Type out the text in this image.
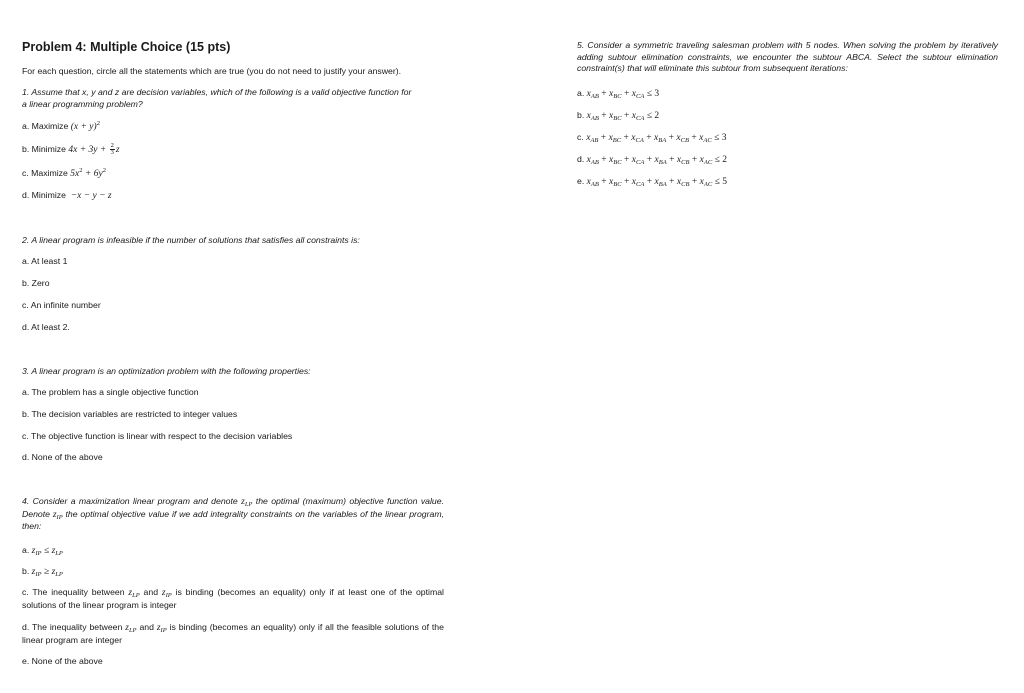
Problem 4: Multiple Choice (15 pts)

For each question, circle all the statements which are true (you do not need to justify your answer).

1. Assume that x, y and z are decision variables, which of the following is a valid objective function for

a linear programming problem?

a. Maximize $(x + y)^2$

b. Minimize $4x + 3y + \frac{2}{3}$ z

c. Maximize $5x^2 + 6y^2$

d. Minimize −x − y − z

2. A linear program is infeasible if the number of solutions that satisfies all constraints is:

a. At least 1

b. Zero

c. An infinite number

d. At least 2.

3. A linear program is an optimization problem with the following properties:

a. The problem has a single objective function

b. The decision variables are restricted to integer values

c. The objective function is linear with respect to the decision variables

d. None of the above

4. Consider a maximization linear program and denote $z_{LP}$ the optimal (maximum) objective function value. Denote $z_{IP}$ the optimal objective value if we add integrality constraints on the variables of the linear program, then:

a. $z_{IP} \le z_{LP}$

b. $z_{IP} \ge z_{LP}$

c. The inequality between $z_{LP}$ and $z_{IP}$ is binding (becomes an equality) only if at least one of the optimal solutions of the linear program is integer

d. The inequality between $z_{LP}$ and $z_{IP}$ is binding (becomes an equality) only if all the feasible solutions of the linear program are integer

e. None of the above

5. Consider a symmetric traveling salesman problem with 5 nodes. When solving the problem by iteratively adding subtour elimination constraints, we encounter the subtour ABCA. Select the subtour elimination constraint(s) that will eliminate this subtour from subsequent iterations:

a. $x_{AB} + x_{BC} + x_{CA} \le 3$

b. $x_{AB} + x_{BC} + x_{CA} \le 2$

c. $x_{AB} + x_{BC} + x_{CA} + x_{BA} + x_{CB} + x_{AC} \le 3$

d. $x_{AB} + x_{BC} + x_{CA} + x_{BA} + x_{CB} + x_{AC} \le 2$

e. $x_{AB} + x_{BC} + x_{CA} + x_{BA} + x_{CB} + x_{AC} \le 5$
